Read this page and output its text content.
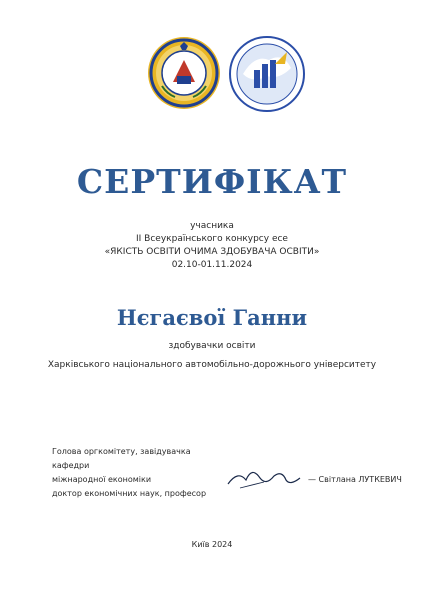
СЕРТИФІКАТ
учасника
II Всеукраїнського конкурсу есе
«ЯКІСТЬ ОСВІТИ ОЧИМА ЗДОБУВАЧА ОСВІТИ»
02.10-01.11.2024
Нєгаєвої Ганни
здобувачки освіти
Харківського національного автомобільно-дорожнього університету
Голова оргкомітету, завідувачка кафедри
міжнародної економіки
доктор економічних наук, професор
— Світлана ЛУТКЕВИЧ
Київ 2024
